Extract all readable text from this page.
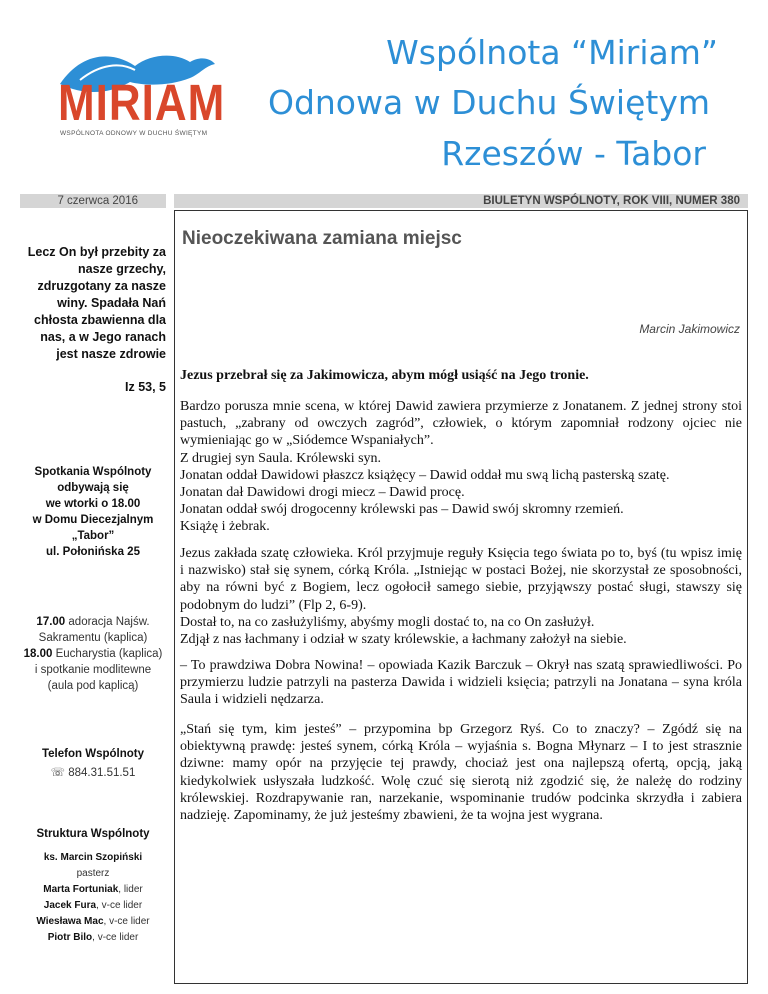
MIRIAM
WSPÓLNOTA ODNOWY W DUCHU ŚWIĘTYM
Wspólnota “Miriam”
Odnowa w Duchu Świętym
Rzeszów - Tabor
7 czerwca 2016	BIULETYN WSPÓLNOTY, ROK VIII, NUMER 380
Lecz On był przebity za nasze grzechy, zdruzgotany za nasze winy. Spadała Nań chłosta zbawienna dla nas, a w Jego ranach jest nasze zdrowie
Iz 53, 5
Spotkania Wspólnoty
odbywają się
we wtorki o 18.00
w Domu Diecezjalnym
„Tabor”
ul. Połonińska 25
17.00 adoracja Najśw.
Sakramentu (kaplica)
18.00 Eucharystia (kaplica)
i spotkanie modlitewne
(aula pod kaplicą)
Telefon Wspólnoty
☏ 884.31.51.51
Struktura Wspólnoty
ks. Marcin Szopiński
pasterz
Marta Fortuniak, lider
Jacek Fura, v-ce lider
Wiesława Mac, v-ce lider
Piotr Bilo, v-ce lider
Nieoczekiwana zamiana miejsc
Marcin Jakimowicz
Jezus przebrał się za Jakimowicza, abym mógł usiąść na Jego tronie.
Bardzo porusza mnie scena, w której Dawid zawiera przymierze z Jonatanem. Z jednej strony stoi pastuch, „zabrany od owczych zagród”, człowiek, o którym zapomniał rodzony ojciec nie wymieniając go w „Siódemce Wspaniałych”.
Z drugiej syn Saula. Królewski syn.
Jonatan oddał Dawidowi płaszcz książęcy – Dawid oddał mu swą lichą pasterską szatę.
Jonatan dał Dawidowi drogi miecz – Dawid procę.
Jonatan oddał swój drogocenny królewski pas – Dawid swój skromny rzemień.
Książę i żebrak.
Jezus zakłada szatę człowieka. Król przyjmuje reguły Księcia tego świata po to, byś (tu wpisz imię i nazwisko) stał się synem, córką Króla. „Istniejąc w postaci Bożej, nie skorzystał ze sposobności, aby na równi być z Bogiem, lecz ogołocił samego siebie, przyjąwszy postać sługi, stawszy się podobnym do ludzi” (Flp 2, 6-9).
Dostał to, na co zasłużyliśmy, abyśmy mogli dostać to, na co On zasłużył.
Zdjął z nas łachmany i odział w szaty królewskie, a łachmany założył na siebie.
– To prawdziwa Dobra Nowina! – opowiada Kazik Barczuk – Okrył nas szatą sprawiedliwości. Po przymierzu ludzie patrzyli na pasterza Dawida i widzieli księcia; patrzyli na Jonatana – syna króla Saula i widzieli nędzarza.
„Stań się tym, kim jesteś” – przypomina bp Grzegorz Ryś. Co to znaczy? – Zgódź się na obiektywną prawdę: jesteś synem, córką Króla – wyjaśnia s. Bogna Młynarz – I to jest strasznie dziwne: mamy opór na przyjęcie tej prawdy, chociaż jest ona najlepszą ofertą, opcją, jaką kiedykolwiek usłyszała ludzkość. Wolę czuć się sierotą niż zgodzić się, że należę do rodziny królewskiej. Rozdrapywanie ran, narzekanie, wspominanie trudów podcinka skrzydła i zabiera nadzieję. Zapominamy, że już jesteśmy zbawieni, że ta wojna jest wygrana.
